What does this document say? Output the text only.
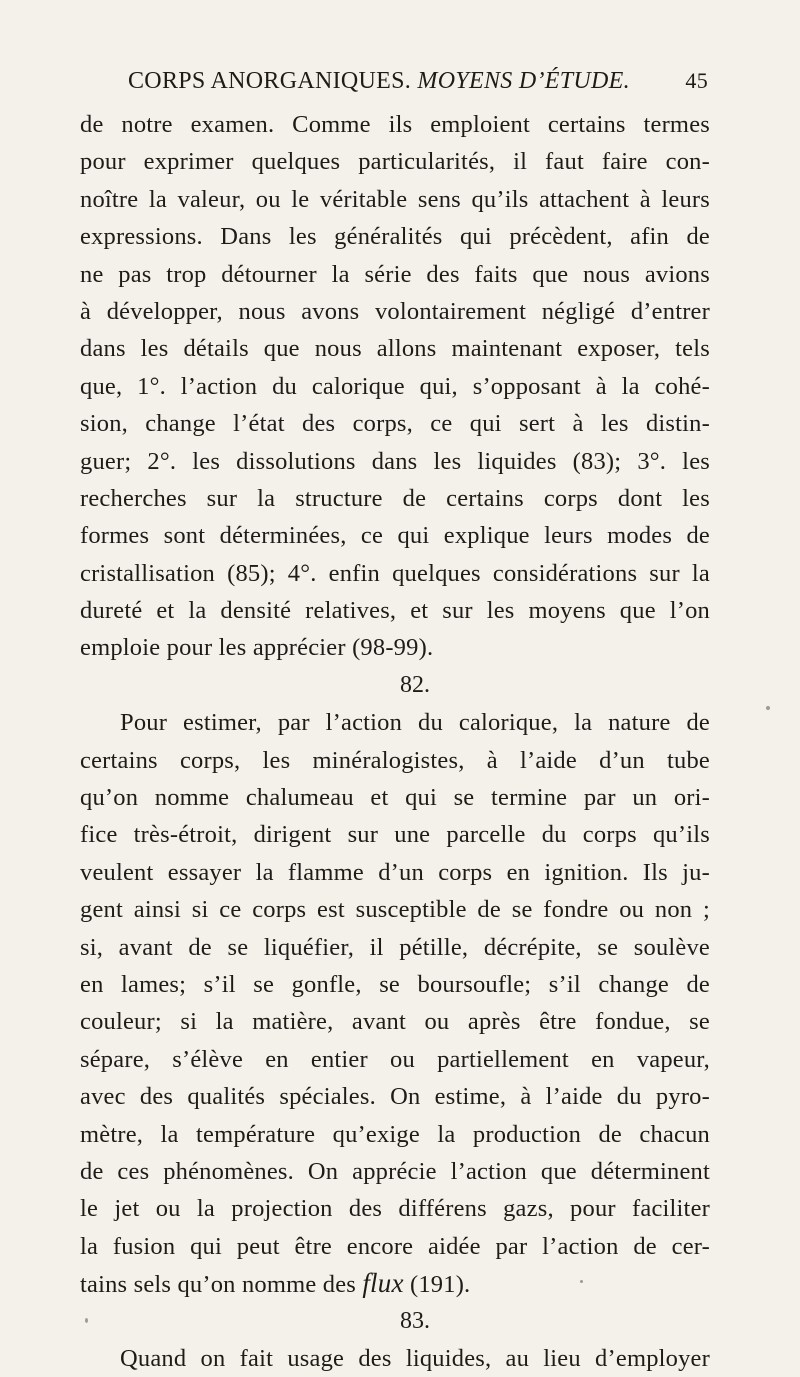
CORPS ANORGANIQUES. MOYENS D’ÉTUDE.	45
de notre examen. Comme ils emploient certains termes
pour exprimer quelques particularités, il faut faire con-
noître la valeur, ou le véritable sens qu’ils attachent à leurs
expressions. Dans les généralités qui précèdent, afin de
ne pas trop détourner la série des faits que nous avions
à développer, nous avons volontairement négligé d’entrer
dans les détails que nous allons maintenant exposer, tels
que, 1°. l’action du calorique qui, s’opposant à la cohé-
sion, change l’état des corps, ce qui sert à les distin-
guer; 2°. les dissolutions dans les liquides (83); 3°. les
recherches sur la structure de certains corps dont les
formes sont déterminées, ce qui explique leurs modes de
cristallisation (85); 4°. enfin quelques considérations sur la
dureté et la densité relatives, et sur les moyens que l’on
emploie pour les apprécier (98-99).
82.
Pour estimer, par l’action du calorique, la nature de
certains corps, les minéralogistes, à l’aide d’un tube
qu’on nomme chalumeau et qui se termine par un ori-
fice très-étroit, dirigent sur une parcelle du corps qu’ils
veulent essayer la flamme d’un corps en ignition. Ils ju-
gent ainsi si ce corps est susceptible de se fondre ou non ;
si, avant de se liquéfier, il pétille, décrépite, se soulève
en lames; s’il se gonfle, se boursoufle; s’il change de
couleur; si la matière, avant ou après être fondue, se
sépare, s’élève en entier ou partiellement en vapeur,
avec des qualités spéciales. On estime, à l’aide du pyro-
mètre, la température qu’exige la production de chacun
de ces phénomènes. On apprécie l’action que déterminent
le jet ou la projection des différens gazs, pour faciliter
la fusion qui peut être encore aidée par l’action de cer-
tains sels qu’on nomme des flux (191).
83.
Quand on fait usage des liquides, au lieu d’employer
